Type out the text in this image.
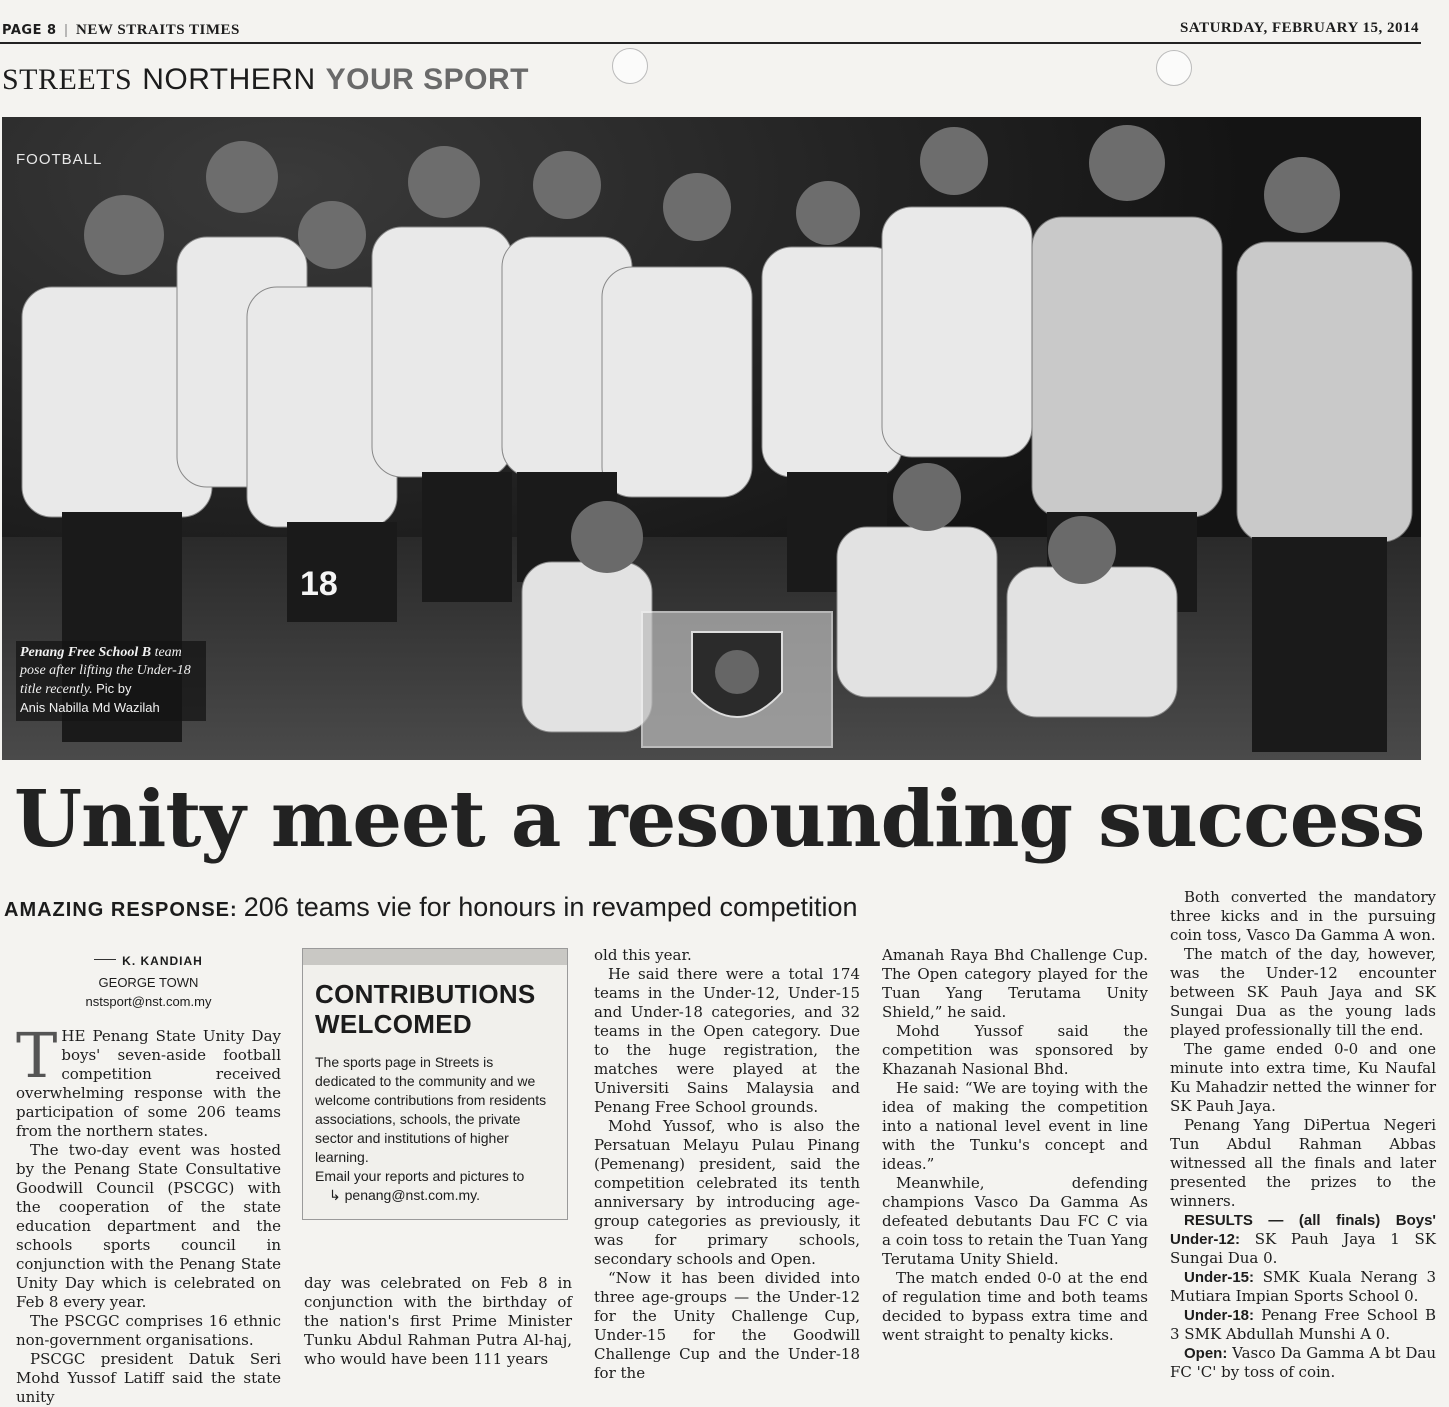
PAGE 8 | NEW STRAITS TIMES	SATURDAY, FEBRUARY 15, 2014
STREETS NORTHERN YOUR SPORT
18
FOOTBALL
Penang Free School B team pose after lifting the Under-18 title recently. Pic by
Anis Nabilla Md Wazilah
Unity meet a resounding success
AMAZING RESPONSE: 206 teams vie for honours in revamped competition
K. KANDIAH
GEORGE TOWN
nstsport@nst.com.my

THE Penang State Unity Day boys' seven-aside football competition received overwhelming response with the participation of some 206 teams from the northern states.

The two-day event was hosted by the Penang State Consultative Goodwill Council (PSCGC) with the cooperation of the state education department and the schools sports council in conjunction with the Penang State Unity Day which is celebrated on Feb 8 every year.

The PSCGC comprises 16 ethnic non-government organisations.

PSCGC president Datuk Seri Mohd Yussof Latiff said the state unity

CONTRIBUTIONS
WELCOMED
The sports page in Streets is dedicated to the community and we welcome contributions from residents associations, schools, the private sector and institutions of higher learning.
Email your reports and pictures to
↳ penang@nst.com.my.

day was celebrated on Feb 8 in conjunction with the birthday of the nation's first Prime Minister Tunku Abdul Rahman Putra Al-haj, who would have been 111 years

old this year.

He said there were a total 174 teams in the Under-12, Under-15 and Under-18 categories, and 32 teams in the Open category. Due to the huge registration, the matches were played at the Universiti Sains Malaysia and Penang Free School grounds.

Mohd Yussof, who is also the Persatuan Melayu Pulau Pinang (Pemenang) president, said the competition celebrated its tenth anniversary by introducing age-group categories as previously, it was for primary schools, secondary schools and Open.

“Now it has been divided into three age-groups — the Under-12 for the Unity Challenge Cup, Under-15 for the Goodwill Challenge Cup and the Under-18 for the

Amanah Raya Bhd Challenge Cup. The Open category played for the Tuan Yang Terutama Unity Shield,” he said.

Mohd Yussof said the competition was sponsored by Khazanah Nasional Bhd.

He said: “We are toying with the idea of making the competition into a national level event in line with the Tunku's concept and ideas.”

Meanwhile, defending champions Vasco Da Gamma As defeated debutants Dau FC C via a coin toss to retain the Tuan Yang Terutama Unity Shield.

The match ended 0-0 at the end of regulation time and both teams decided to bypass extra time and went straight to penalty kicks.

Both converted the mandatory three kicks and in the pursuing coin toss, Vasco Da Gamma A won.

The match of the day, however, was the Under-12 encounter between SK Pauh Jaya and SK Sungai Dua as the young lads played professionally till the end.

The game ended 0-0 and one minute into extra time, Ku Naufal Ku Mahadzir netted the winner for SK Pauh Jaya.

Penang Yang DiPertua Negeri Tun Abdul Rahman Abbas witnessed all the finals and later presented the prizes to the winners.

RESULTS — (all finals) Boys' Under-12: SK Pauh Jaya 1 SK Sungai Dua 0.

Under-15: SMK Kuala Nerang 3 Mutiara Impian Sports School 0.

Under-18: Penang Free School B 3 SMK Abdullah Munshi A 0.

Open: Vasco Da Gamma A bt Dau FC 'C' by toss of coin.
